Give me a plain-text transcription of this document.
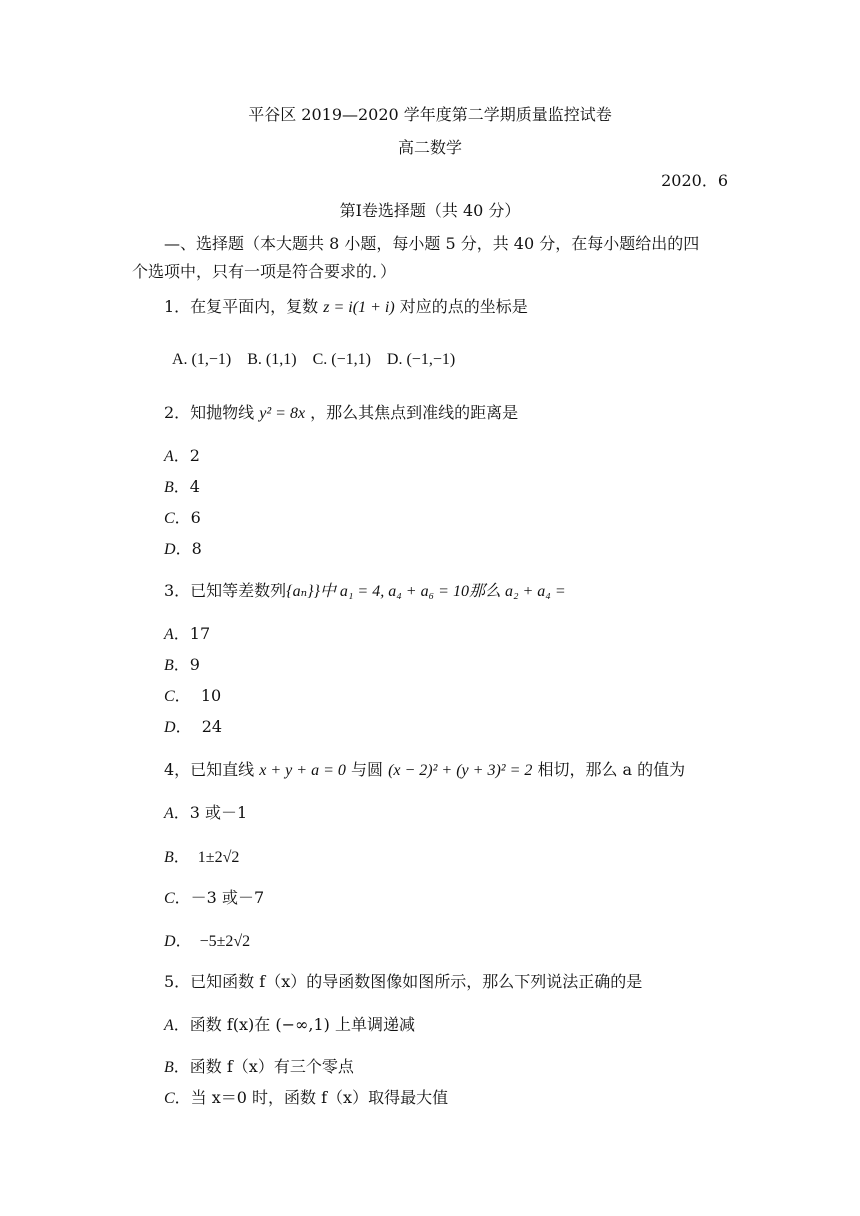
平谷区 2019—2020 学年度第二学期质量监控试卷
高二数学
2020．6
第Ⅰ卷选择题（共 40 分）
—、选择题（本大题共 8 小题，每小题 5 分，共 40 分，在每小题给出的四
个选项中，只有一项是符合要求的．）
1．在复平面内，复数 z = i(1 + i) 对应的点的坐标是
A. (1,−1)    B. (1,1)    C. (−1,1)    D. (−1,−1)
2．知抛物线 y² = 8x ，那么其焦点到准线的距离是
A．2
B．4
C．6
D．8
3．已知等差数列{aₙ}}中 a₁ = 4, a₄ + a₆ = 10那么 a₂ + a₄ =
A．17
B．9
C．  10
D．  24
4，已知直线 x + y + a = 0 与圆 (x − 2)² + (y + 3)² = 2 相切，那么 a 的值为
A．3 或－1
B．  1±2√2
C．－3 或－7
D．  −5±2√2
5．已知函数 f（x）的导函数图像如图所示，那么下列说法正确的是
A．函数 f(x)在 (−∞,1) 上单调递减
B．函数 f（x）有三个零点
C．当 x＝0 时，函数 f（x）取得最大值
